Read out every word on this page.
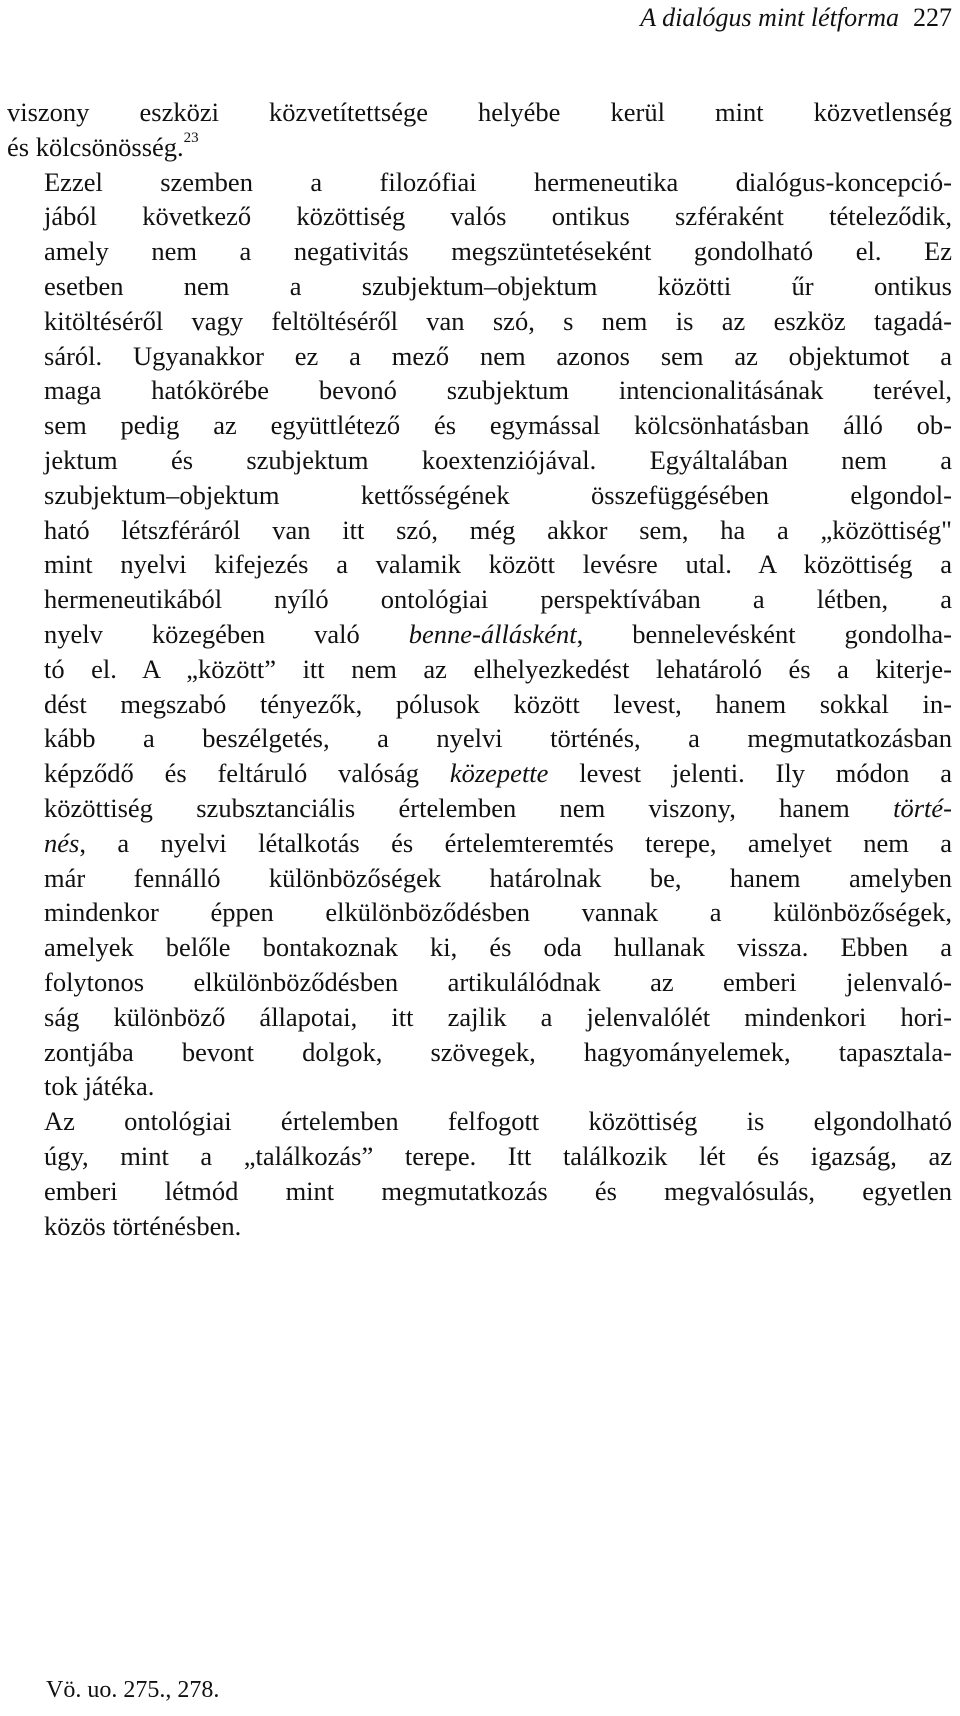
A dialógus mint létforma 227

viszony eszközi közvetítettsége helyébe kerül mint közvetlenség
és kölcsönösség.$^{23}$

Ezzel szemben a filozófiai hermeneutika dialógus-koncepció-
jából következő közöttiség valós ontikus szféraként tételeződik,
amely nem a negativitás megszüntetéseként gondolható el. Ez
esetben nem a szubjektum–objektum közötti űr ontikus
kitöltéséről vagy feltöltéséről van szó, s nem is az eszköz tagadá-
sáról. Ugyanakkor ez a mező nem azonos sem az objektumot a
maga hatókörébe bevonó szubjektum intencionalitásának terével,
sem pedig az együttlétező és egymással kölcsönhatásban álló ob-
jektum és szubjektum koextenziójával. Egyáltalában nem a
szubjektum–objektum kettősségének összefüggésében elgondol-
ható létszféráról van itt szó, még akkor sem, ha a „közöttiség"
mint nyelvi kifejezés a valamik között levésre utal. A közöttiség a
hermeneutikából nyíló ontológiai perspektívában a létben, a
nyelv közegében való benne-állásként, bennelevésként gondolha-
tó el. A „között” itt nem az elhelyezkedést lehatároló és a kiterje-
dést megszabó tényezők, pólusok között levest, hanem sokkal in-
kább a beszélgetés, a nyelvi történés, a megmutatkozásban
képződő és feltáruló valóság közepette levest jelenti. Ily módon a
közöttiség szubsztanciális értelemben nem viszony, hanem törté-
nés, a nyelvi létalkotás és értelemteremtés terepe, amelyet nem a
már fennálló különbözőségek határolnak be, hanem amelyben
mindenkor éppen elkülönböződésben vannak a különbözőségek,
amelyek belőle bontakoznak ki, és oda hullanak vissza. Ebben a
folytonos elkülönböződésben artikulálódnak az emberi jelenvaló-
ság különböző állapotai, itt zajlik a jelenvalólét mindenkori hori-
zontjába bevont dolgok, szövegek, hagyományelemek, tapasztala-
tok játéka.

Az ontológiai értelemben felfogott közöttiség is elgondolható
úgy, mint a „találkozás” terepe. Itt találkozik lét és igazság, az
emberi létmód mint megmutatkozás és megvalósulás, egyetlen
közös történésben.

Vö. uo. 275., 278.
